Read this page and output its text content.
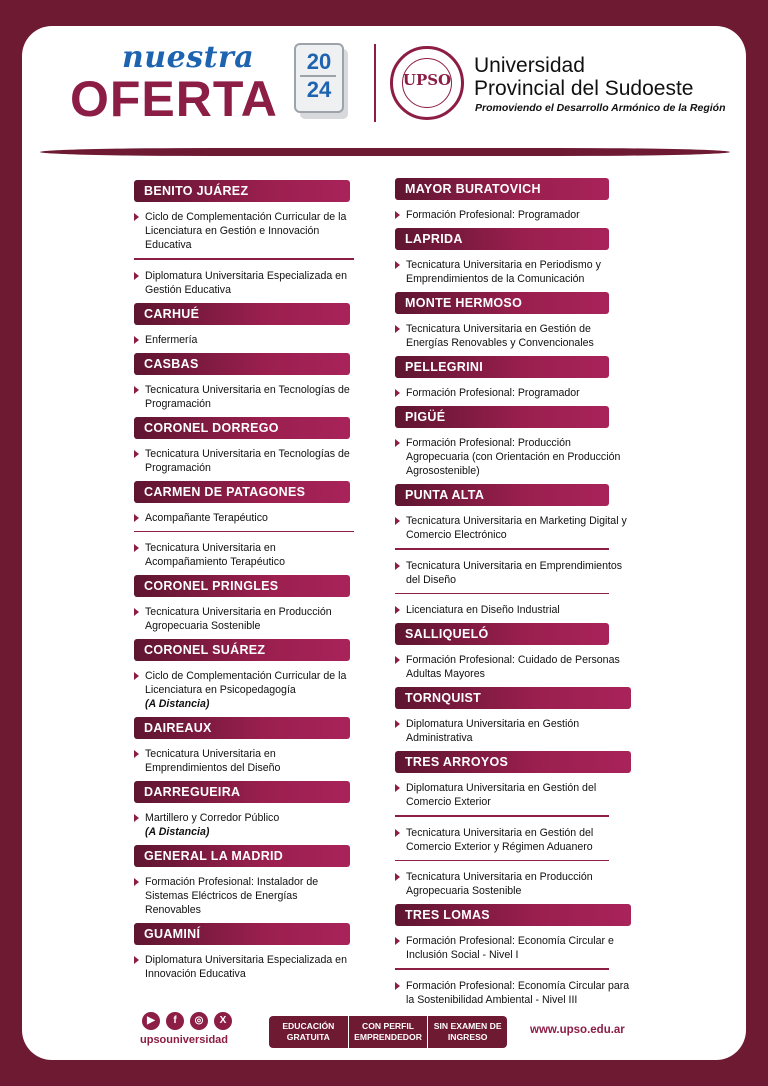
nuestra
OFERTA
20
24	UPSO
Universidad
Provincial del Sudoeste
Promoviendo el Desarrollo Armónico de la Región
BENITO JUÁREZ
Ciclo de Complementación Curricular de la Licenciatura en Gestión e Innovación Educativa
Diplomatura Universitaria Especializada en Gestión Educativa
CARHUÉ
Enfermería
CASBAS
Tecnicatura Universitaria en Tecnologías de Programación
CORONEL DORREGO
Tecnicatura Universitaria en Tecnologías de Programación
CARMEN DE PATAGONES
Acompañante Terapéutico
Tecnicatura Universitaria en Acompañamiento Terapéutico
CORONEL PRINGLES
Tecnicatura Universitaria en Producción Agropecuaria Sostenible
CORONEL SUÁREZ
Ciclo de Complementación Curricular de la Licenciatura en Psicopedagogía
(A Distancia)
DAIREAUX
Tecnicatura Universitaria en Emprendimientos del Diseño
DARREGUEIRA
Martillero y Corredor Público
(A Distancia)
GENERAL LA MADRID
Formación Profesional: Instalador de Sistemas Eléctricos de Energías Renovables
GUAMINÍ
Diplomatura Universitaria Especializada en Innovación Educativa
MAYOR BURATOVICH
Formación Profesional: Programador
LAPRIDA
Tecnicatura Universitaria en Periodismo y Emprendimientos de la Comunicación
MONTE HERMOSO
Tecnicatura Universitaria en Gestión de Energías Renovables y Convencionales
PELLEGRINI
Formación Profesional: Programador
PIGÜÉ
Formación Profesional: Producción Agropecuaria (con Orientación en Producción Agrosostenible)
PUNTA ALTA
Tecnicatura Universitaria en Marketing Digital y Comercio Electrónico
Tecnicatura Universitaria en Emprendimientos del Diseño
Licenciatura en Diseño Industrial
SALLIQUELÓ
Formación Profesional: Cuidado de Personas Adultas Mayores
TORNQUIST
Diplomatura Universitaria en Gestión Administrativa
TRES ARROYOS
Diplomatura Universitaria en Gestión del Comercio Exterior
Tecnicatura Universitaria en Gestión del Comercio Exterior y Régimen Aduanero
Tecnicatura Universitaria en Producción Agropecuaria Sostenible
TRES LOMAS
Formación Profesional: Economía Circular e Inclusión Social - Nivel I
Formación Profesional: Economía Circular para la Sostenibilidad Ambiental - Nivel III
▶	f	◎	X
upsouniversidad
EDUCACIÓN GRATUITA
CON PERFIL EMPRENDEDOR
SIN EXAMEN DE INGRESO
www.upso.edu.ar
